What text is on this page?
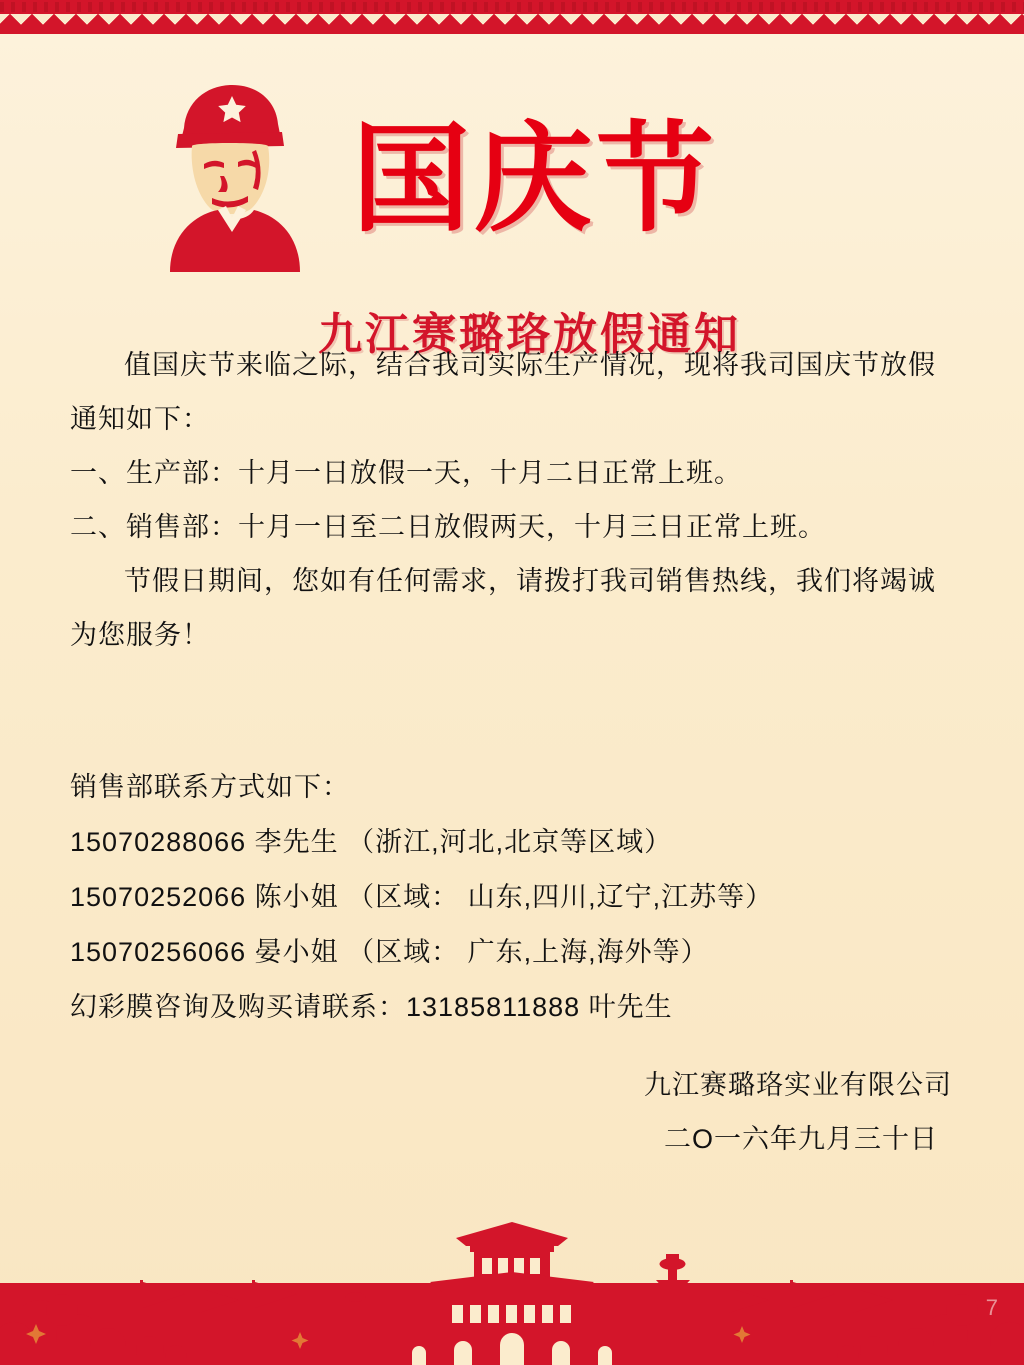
国庆节
九江赛璐珞放假通知

值国庆节来临之际，结合我司实际生产情况，现将我司国庆节放假通知如下：

一、生产部：十月一日放假一天，十月二日正常上班。

二、销售部：十月一日至二日放假两天，十月三日正常上班。

节假日期间，您如有任何需求，请拨打我司销售热线，我们将竭诚为您服务！

销售部联系方式如下：

15070288066 李先生 （浙江,河北,北京等区域）

15070252066 陈小姐 （区域： 山东,四川,辽宁,江苏等）

15070256066 晏小姐 （区域： 广东,上海,海外等）

幻彩膜咨询及购买请联系：13185811888 叶先生

九江赛璐珞实业有限公司

二O一六年九月三十日

7
